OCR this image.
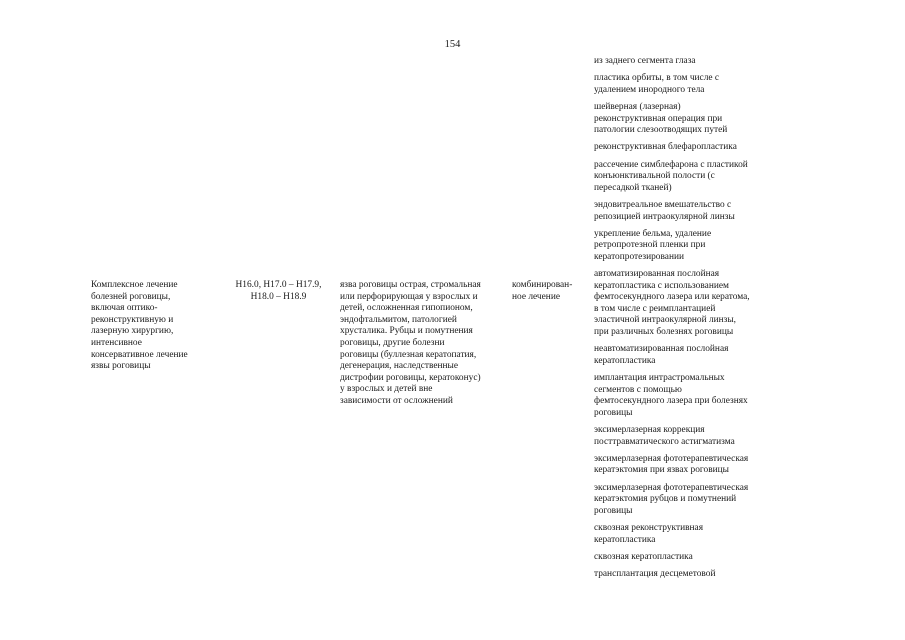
154
Комплексное лечение
болезней роговицы,
включая оптико-
реконструктивную и
лазерную хирургию,
интенсивное
консервативное лечение
язвы роговицы
H16.0, H17.0 – H17.9,
H18.0 – H18.9
язва роговицы острая, стромальная
или перфорирующая у взрослых и
детей, осложненная гипопионом,
эндофтальмитом, патологией
хрусталика. Рубцы и помутнения
роговицы, другие болезни
роговицы (буллезная кератопатия,
дегенерация, наследственные
дистрофии роговицы, кератоконус)
у взрослых и детей вне
зависимости от осложнений
комбинирован-
ное лечение
из заднего сегмента глаза
пластика орбиты, в том числе с
удалением инородного тела
шейверная (лазерная)
реконструктивная операция при
патологии слезоотводящих путей
реконструктивная блефаропластика
рассечение симблефарона с пластикой
конъюнктивальной полости (с
пересадкой тканей)
эндовитреальное вмешательство с
репозицией интраокулярной линзы
укрепление бельма, удаление
ретропротезной пленки при
кератопротезировании
автоматизированная послойная
кератопластика с использованием
фемтосекундного лазера или кератома,
в том числе с реимплантацией
эластичной интраокулярной линзы,
при различных болезнях роговицы
неавтоматизированная послойная
кератопластика
имплантация интрастромальных
сегментов с помощью
фемтосекундного лазера при болезнях
роговицы
эксимерлазерная коррекция
посттравматического астигматизма
эксимерлазерная фототерапевтическая
кератэктомия при язвах роговицы
эксимерлазерная фототерапевтическая
кератэктомия рубцов и помутнений
роговицы
сквозная реконструктивная
кератопластика
сквозная кератопластика
трансплантация десцеметовой
